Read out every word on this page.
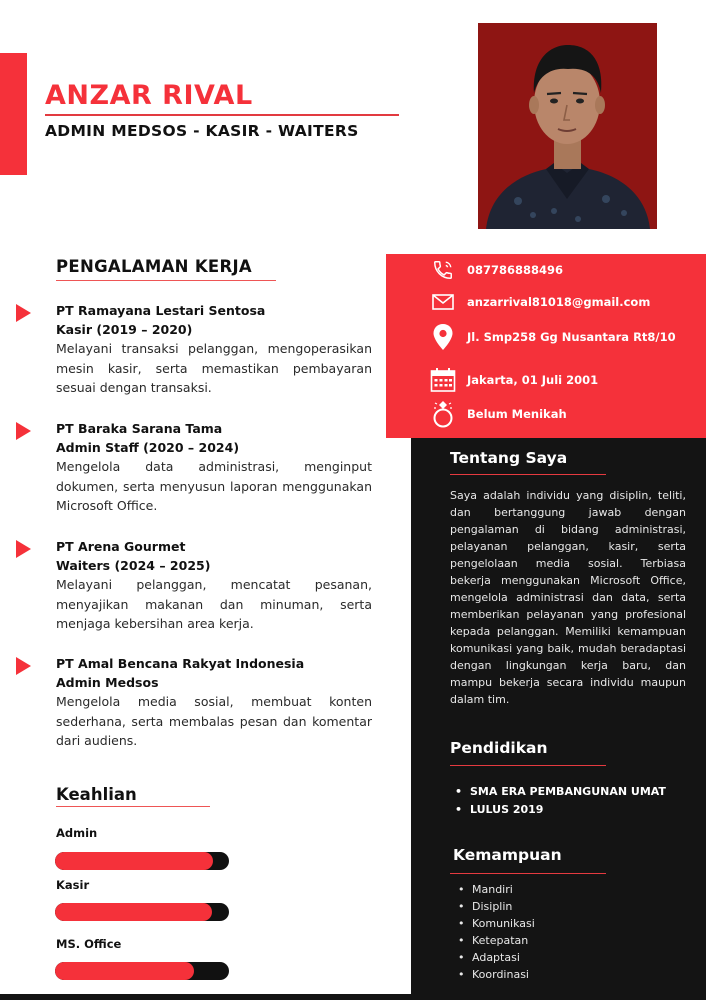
ANZAR RIVAL
ADMIN MEDSOS - KASIR - WAITERS
PENGALAMAN KERJA
PT Ramayana Lestari Sentosa
Kasir (2019 – 2020)
Melayani transaksi pelanggan, mengoperasikan mesin kasir, serta memastikan pembayaran sesuai dengan transaksi.
PT Baraka Sarana Tama
Admin Staff (2020 – 2024)
Mengelola data administrasi, menginput dokumen, serta menyusun laporan menggunakan Microsoft Office.
PT Arena Gourmet
Waiters (2024 – 2025)
Melayani pelanggan, mencatat pesanan, menyajikan makanan dan minuman, serta menjaga kebersihan area kerja.
PT Amal Bencana Rakyat Indonesia
Admin Medsos
Mengelola media sosial, membuat konten sederhana, serta membalas pesan dan komentar dari audiens.
Keahlian
Admin
Kasir
MS. Office
087786888496
anzarrival81018@gmail.com
Jl. Smp258 Gg Nusantara Rt8/10
Jakarta, 01 Juli 2001
Belum Menikah
Tentang Saya
Saya adalah individu yang disiplin, teliti, dan bertanggung jawab dengan pengalaman di bidang administrasi, pelayanan pelanggan, kasir, serta pengelolaan media sosial. Terbiasa bekerja menggunakan Microsoft Office, mengelola administrasi dan data, serta memberikan pelayanan yang profesional kepada pelanggan. Memiliki kemampuan komunikasi yang baik, mudah beradaptasi dengan lingkungan kerja baru, dan mampu bekerja secara individu maupun dalam tim.
Pendidikan
• SMA ERA PEMBANGUNAN UMAT
• LULUS 2019
Kemampuan
• Mandiri
• Disiplin
• Komunikasi
• Ketepatan
• Adaptasi
• Koordinasi
